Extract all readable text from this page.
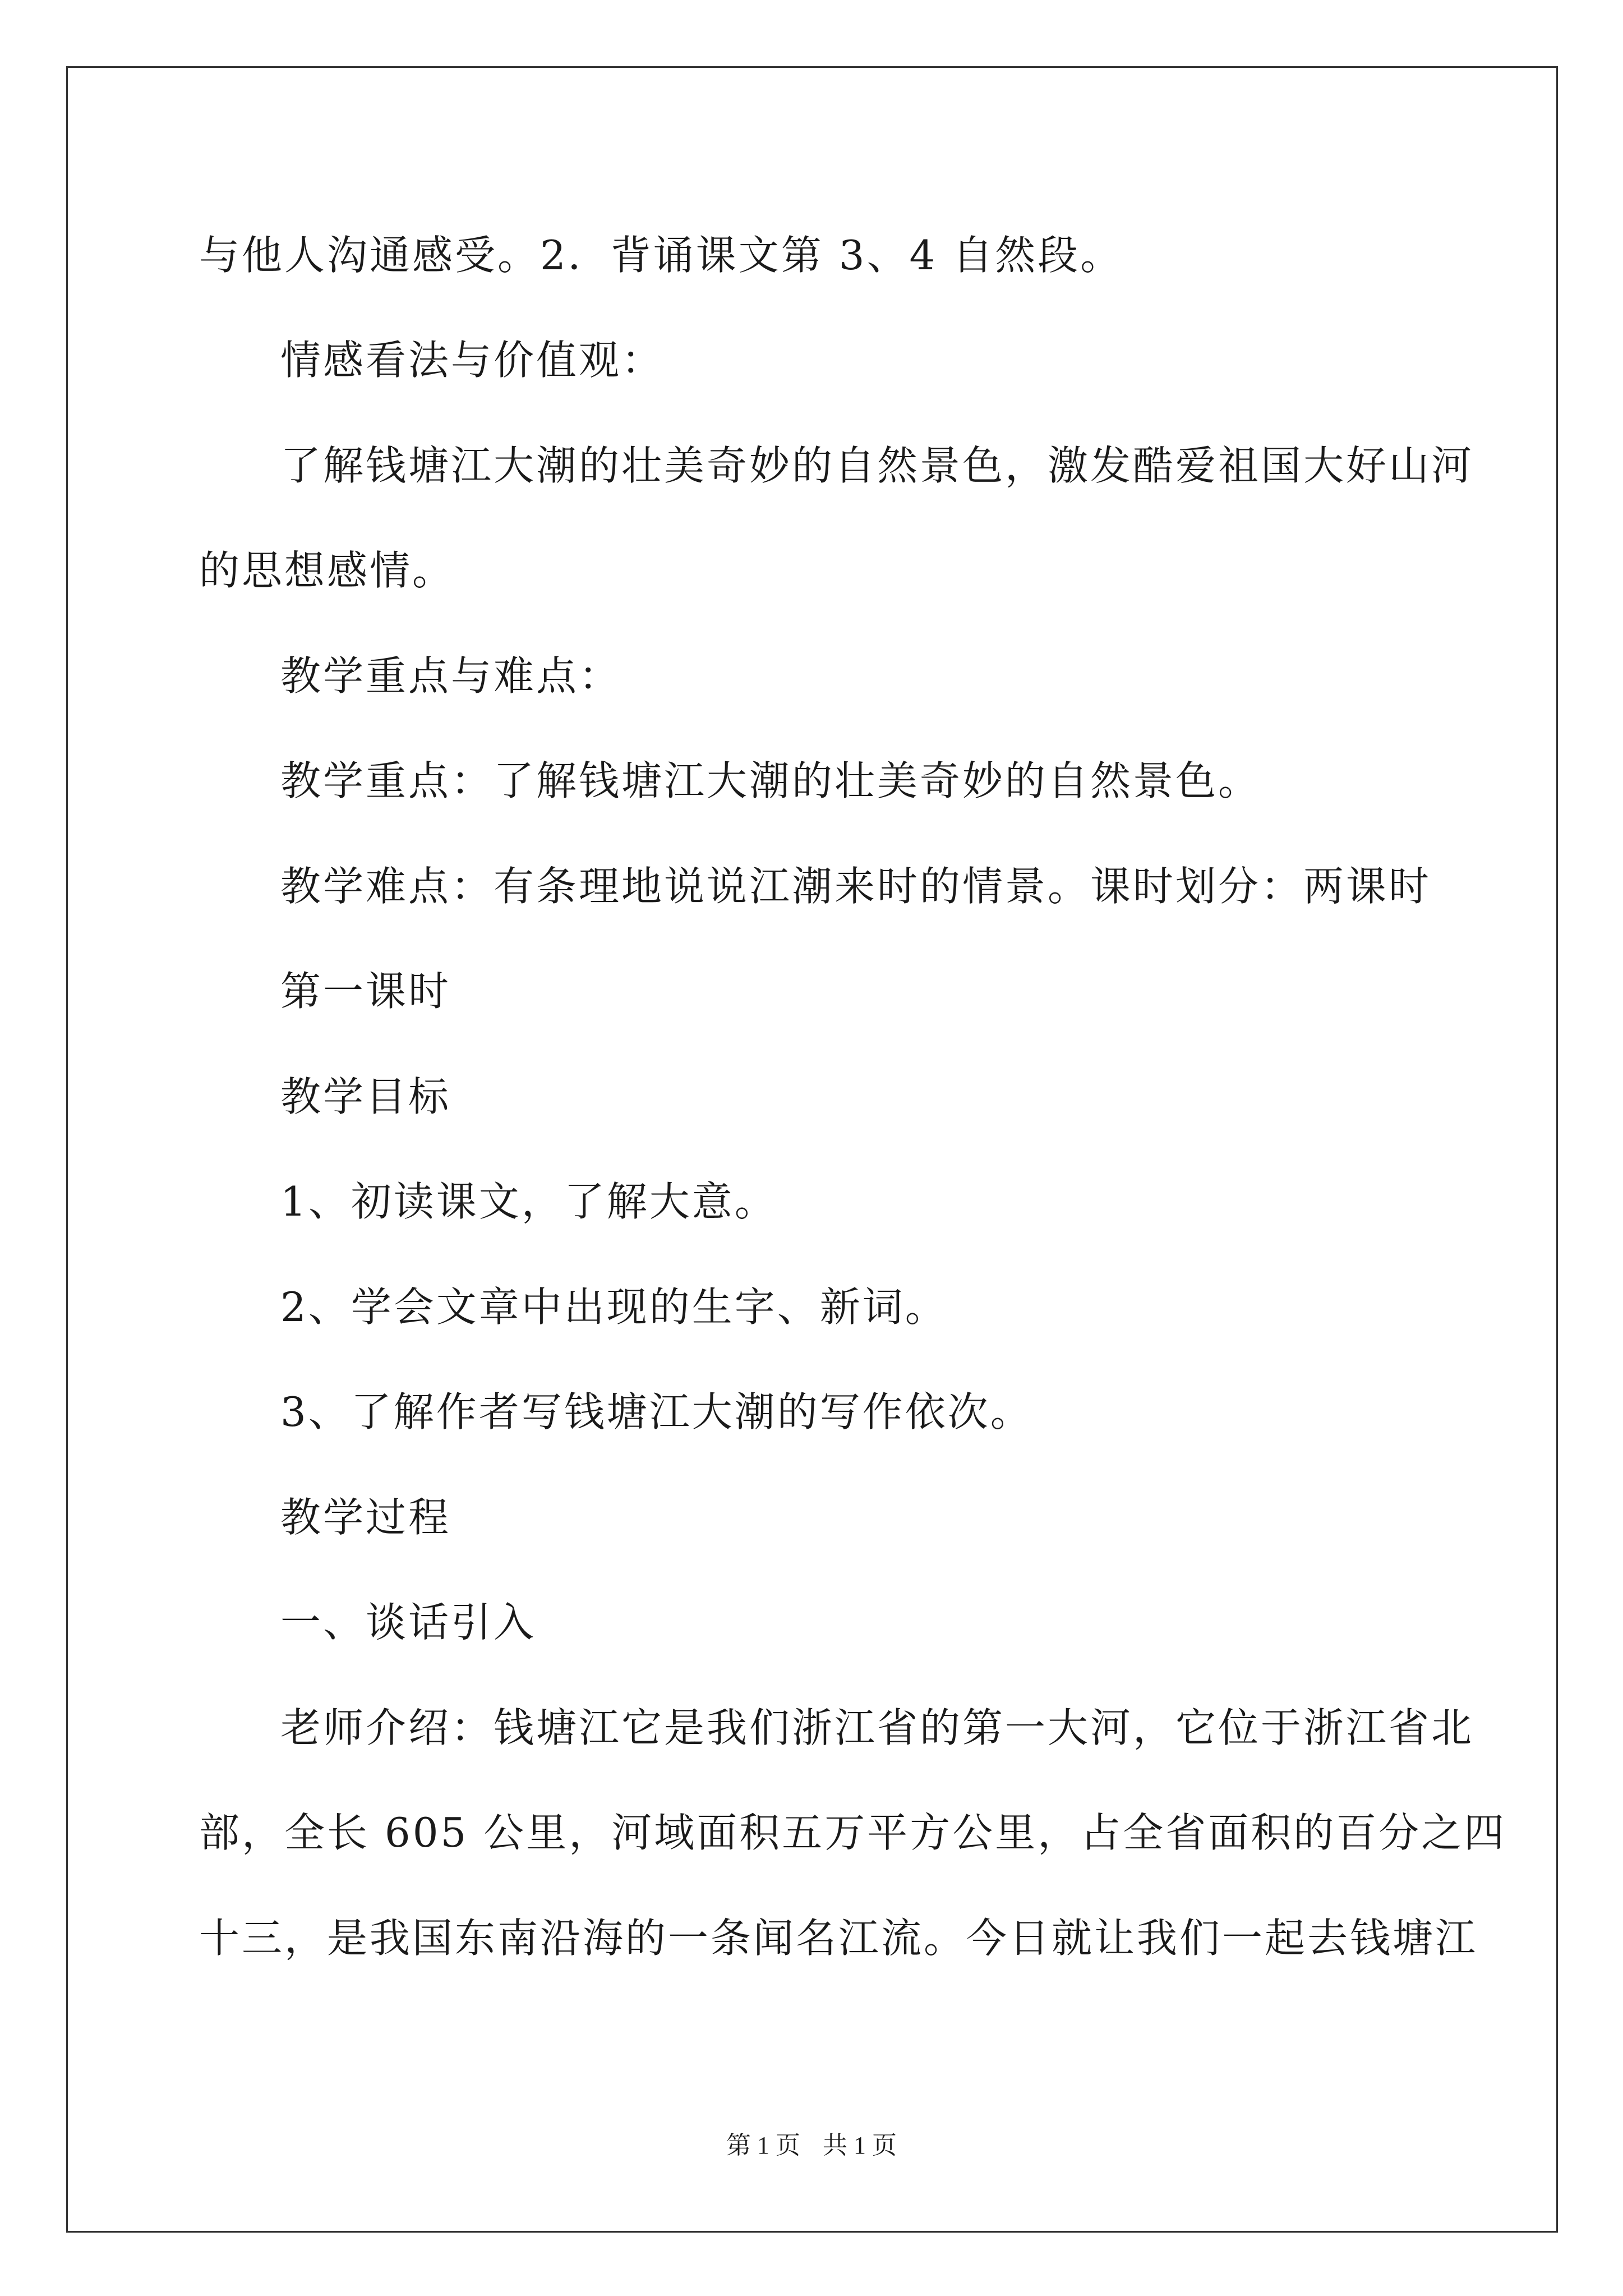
与他人沟通感受。2．背诵课文第 3、4 自然段。
情感看法与价值观：
了解钱塘江大潮的壮美奇妙的自然景色，激发酷爱祖国大好山河
的思想感情。
教学重点与难点：
教学重点：了解钱塘江大潮的壮美奇妙的自然景色。
教学难点：有条理地说说江潮来时的情景。课时划分：两课时
第一课时
教学目标
1、初读课文，了解大意。
2、学会文章中出现的生字、新词。
3、了解作者写钱塘江大潮的写作依次。
教学过程
一、谈话引入
老师介绍：钱塘江它是我们浙江省的第一大河，它位于浙江省北
部，全长 605 公里，河域面积五万平方公里，占全省面积的百分之四
十三，是我国东南沿海的一条闻名江流。今日就让我们一起去钱塘江
第 1 页 共 1 页
